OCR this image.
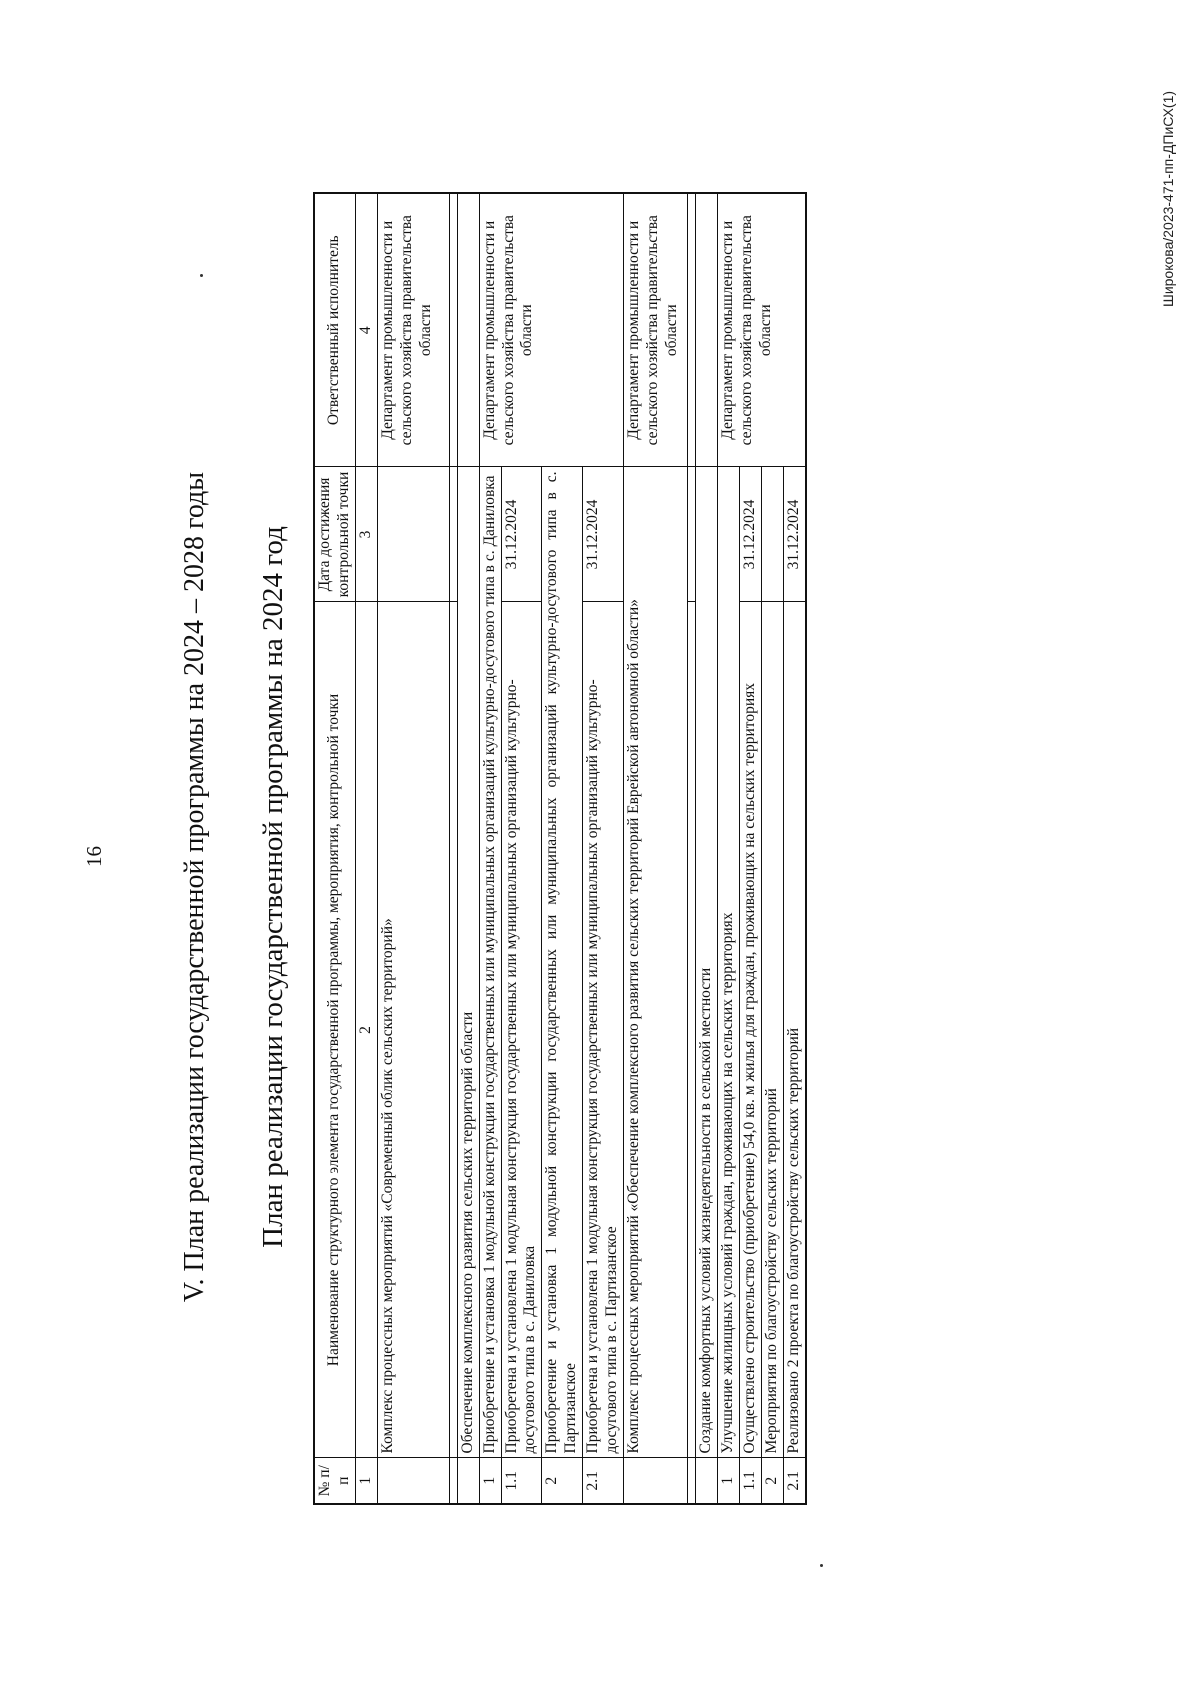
16	V. План реализации государственной программы на 2024 – 2028 годы План реализации государственной программы на 2024 год
№ п/п	Наименование структурного элемента государственной программы, мероприятия, контрольной точки	Дата достижения контрольной точки	Ответственный исполнитель
1	2	3	4
	Комплекс процессных мероприятий «Современный облик сельских территорий»		Департамент промышленности и сельского хозяйства правительства области

	Обеспечение комплексного развития сельских территорий области		
1	Приобретение и установка 1 модульной конструкции государственных или муниципальных организаций культурно-досугового типа в с. Даниловка		Департамент промышленности и сельского хозяйства правительства области
1.1	Приобретена и установлена 1 модульная конструкция государственных или муниципальных организаций культурно-досугового типа в с. Даниловка	31.12.2024	
2	Приобретение и установка 1 модульной конструкции государственных или муниципальных организаций культурно-досугового типа в с. Партизанское		
2.1	Приобретена и установлена 1 модульная конструкция государственных или муниципальных организаций культурно-досугового типа в с. Партизанское	31.12.2024	
	Комплекс процессных мероприятий «Обеспечение комплексного развития сельских территорий Еврейской автономной области»		Департамент промышленности и сельского хозяйства правительства области

	Создание комфортных условий жизнедеятельности в сельской местности		
1	Улучшение жилищных условий граждан, проживающих на сельских территориях		Департамент промышленности и сельского хозяйства правительства области
1.1	Осуществлено строительство (приобретение) 54,0 кв. м жилья для граждан, проживающих на сельских территориях	31.12.2024	
2	Мероприятия по благоустройству сельских территорий		
2.1	Реализовано 2 проекта по благоустройству сельских территорий	31.12.2024	
Широкова/2023-471-пп-ДПиСХ(1)
